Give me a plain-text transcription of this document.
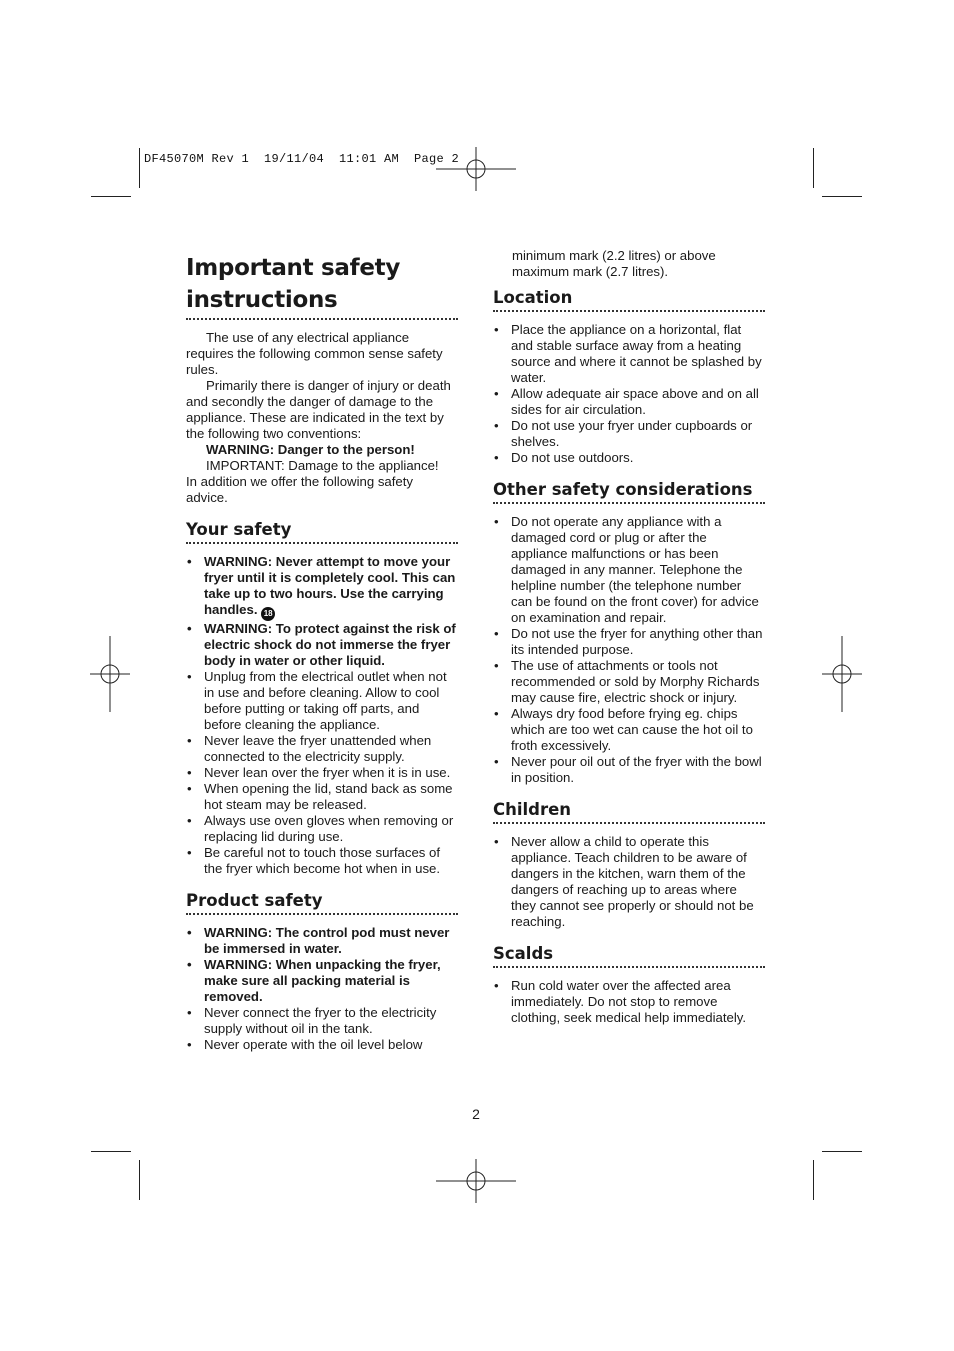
DF45070M Rev 1  19/11/04  11:01 AM  Page 2
Important safety
instructions

The use of any electrical appliance requires the following common sense safety rules.

Primarily there is danger of injury or death and secondly the danger of damage to the appliance. These are indicated in the text by the following two conventions:

WARNING: Danger to the person!

IMPORTANT: Damage to the appliance!

In addition we offer the following safety advice.

Your safety
• WARNING: Never attempt to move your fryer until it is completely cool. This can take up to two hours. Use the carrying handles. 18
• WARNING: To protect against the risk of electric shock do not immerse the fryer body in water or other liquid.
• Unplug from the electrical outlet when not in use and before cleaning. Allow to cool before putting or taking off parts, and before cleaning the appliance.
• Never leave the fryer unattended when connected to the electricity supply.
• Never lean over the fryer when it is in use.
• When opening the lid, stand back as some hot steam may be released.
• Always use oven gloves when removing or replacing lid during use.
• Be careful not to touch those surfaces of the fryer which become hot when in use.
Product safety
• WARNING: The control pod must never be immersed in water.
• WARNING: When unpacking the fryer, make sure all packing material is removed.
• Never connect the fryer to the electricity supply without oil in the tank.
• Never operate with the oil level below

minimum mark (2.2 litres) or above maximum mark (2.7 litres).

Location
• Place the appliance on a horizontal, flat and stable surface away from a heating source and where it cannot be splashed by water.
• Allow adequate air space above and on all sides for air circulation.
• Do not use your fryer under cupboards or shelves.
• Do not use outdoors.
Other safety considerations
• Do not operate any appliance with a damaged cord or plug or after the appliance malfunctions or has been damaged in any manner. Telephone the helpline number (the telephone number can be found on the front cover) for advice on examination and repair.
• Do not use the fryer for anything other than its intended purpose.
• The use of attachments or tools not recommended or sold by Morphy Richards may cause fire, electric shock or injury.
• Always dry food before frying eg. chips which are too wet can cause the hot oil to froth excessively.
• Never pour oil out of the fryer with the bowl in position.
Children
• Never allow a child to operate this appliance. Teach children to be aware of dangers in the kitchen, warn them of the dangers of reaching up to areas where they cannot see properly or should not be reaching.
Scalds
• Run cold water over the affected area immediately. Do not stop to remove clothing, seek medical help immediately.
2
